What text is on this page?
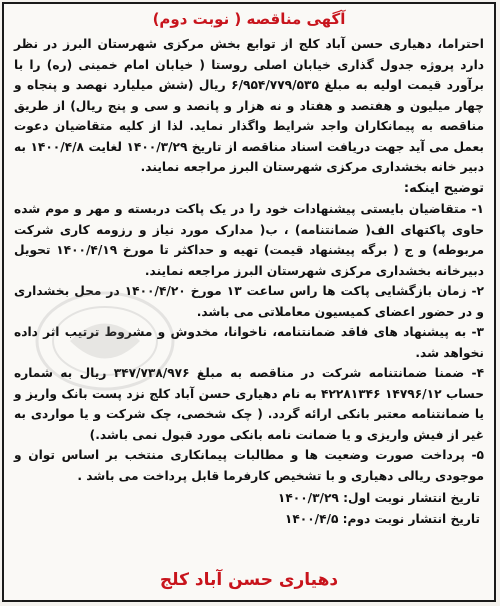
آگهی مناقصه ( نوبت دوم)

احتراما، دهیاری حسن آباد کلج از توابع بخش مرکزی شهرستان البرز در نظر دارد پروژه جدول گذاری خیابان اصلی روستا ( خیابان امام خمینی (ره) را با برآورد قیمت اولیه به مبلغ ۶/۹۵۴/۷۷۹/۵۳۵ ریال (شش میلیارد نهصد و پنجاه و چهار میلیون و هفتصد و هفتاد و نه هزار و پانصد و سی و پنج ریال) از طریق مناقصه به پیمانکاران واجد شرایط واگذار نماید. لذا از کلیه متقاضیان دعوت بعمل می آید جهت دریافت اسناد مناقصه از تاریخ ۱۴۰۰/۳/۲۹ لغایت ۱۴۰۰/۴/۸ به دبیر خانه بخشداری مرکزی شهرستان البرز مراجعه نمایند.

توضیح اینکه:

۱- متقاضیان بایستی پیشنهادات خود را در یک پاکت دربسته و مهر و موم شده حاوی پاکتهای الف( ضمانتنامه) ، ب( مدارک مورد نیاز و رزومه کاری شرکت مربوطه) و ج ( برگه پیشنهاد قیمت) تهیه و حداکثر تا مورخ ۱۴۰۰/۴/۱۹ تحویل دبیرخانه بخشداری مرکزی شهرستان البرز مراجعه نمایند.

۲- زمان بازگشایی پاکت ها راس ساعت ۱۳ مورخ ۱۴۰۰/۴/۲۰ در محل بخشداری و در حضور اعضای کمیسیون معاملاتی می باشد.

۳- به پیشنهاد های فاقد ضمانتنامه، ناخوانا، مخدوش و مشروط ترتیب اثر داده نخواهد شد.

۴- ضمنا ضمانتنامه شرکت در مناقصه به مبلغ ۳۴۷/۷۳۸/۹۷۶ ریال به شماره حساب ۱۴۷۹۶/۱۲ ۴۲۲۸۱۳۴۶ به نام دهیاری حسن آباد کلج نزد پست بانک واریز و یا ضمانتنامه معتبر بانکی ارائه گردد. ( چک شخصی، چک شرکت و یا مواردی به غیر از فیش واریزی و یا ضمانت نامه بانکی مورد قبول نمی باشد.)

۵- پرداخت صورت وضعیت ها و مطالبات پیمانکاری منتخب بر اساس توان و موجودی ریالی دهیاری و با تشخیص کارفرما قابل پرداخت می باشد .

تاریخ انتشار نوبت اول: ۱۴۰۰/۳/۲۹
تاریخ انتشار نوبت دوم: ۱۴۰۰/۴/۵
دهیاری حسن آباد کلج
